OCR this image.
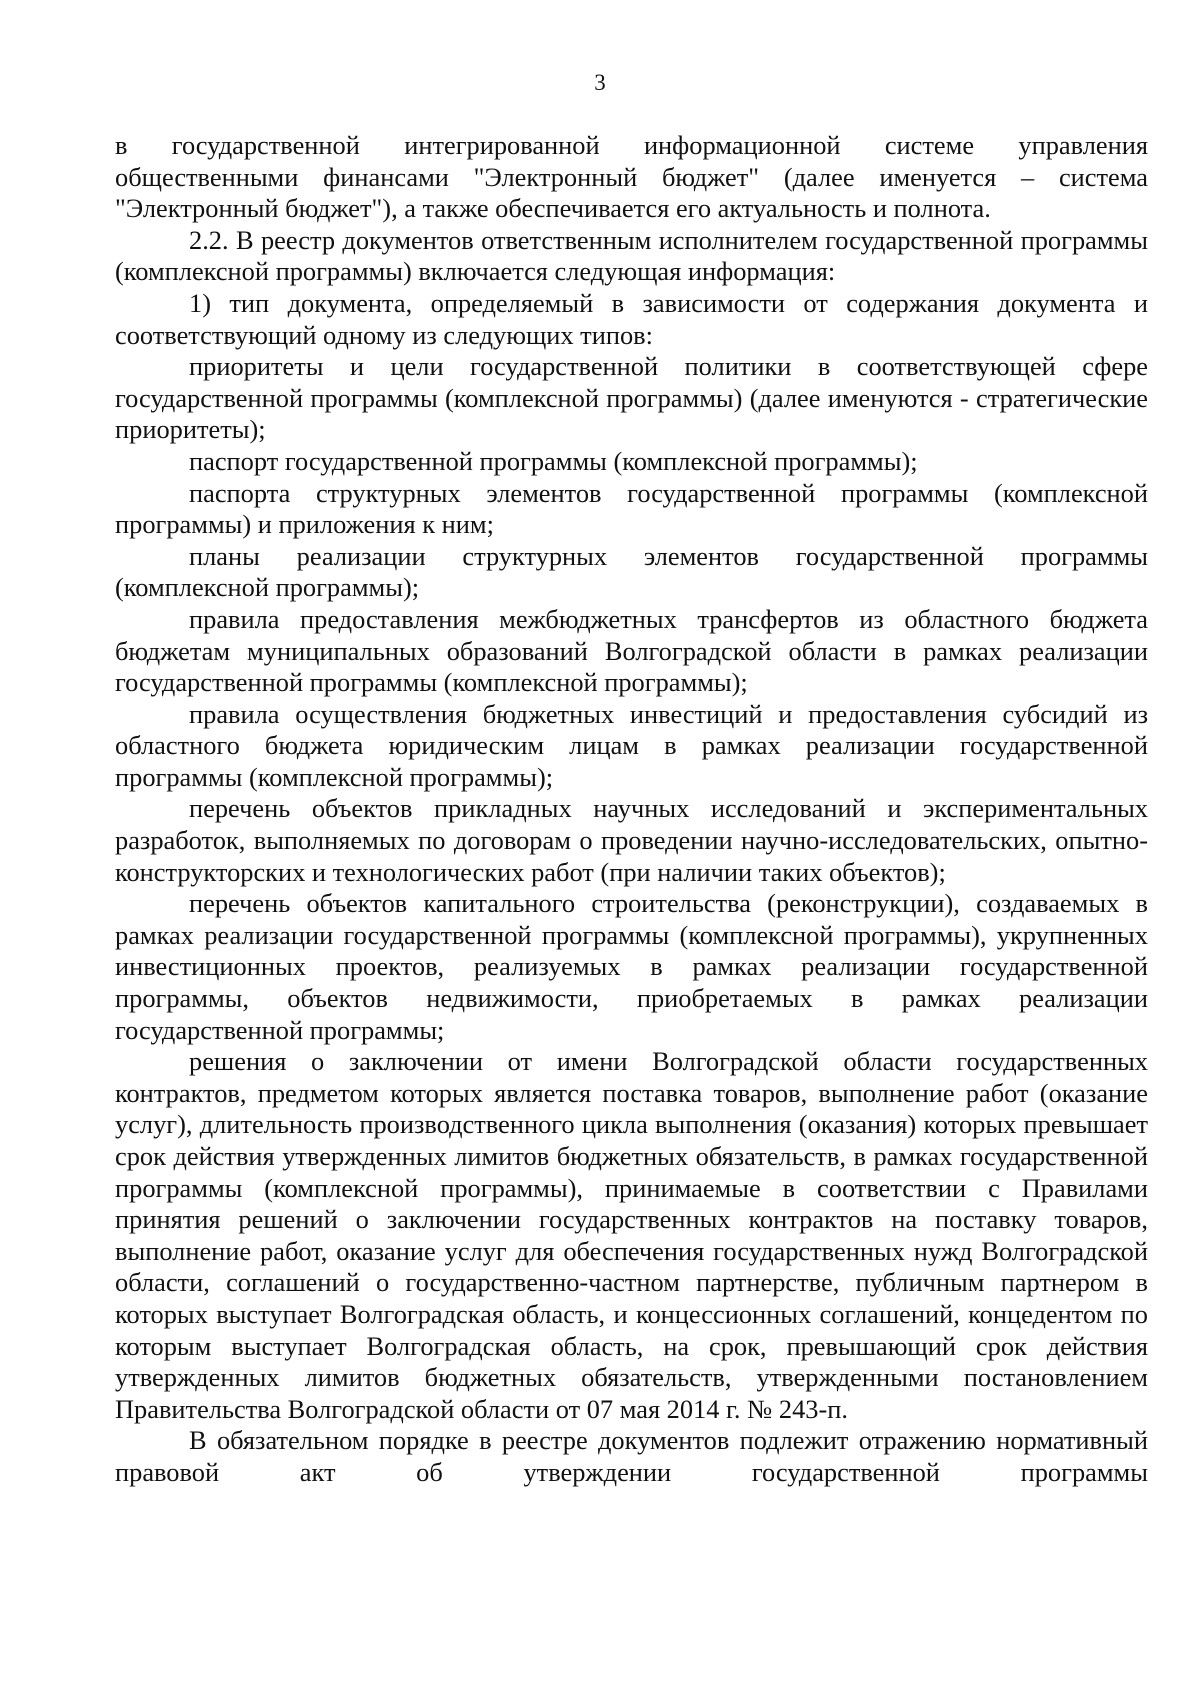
3

в государственной интегрированной информационной системе управления общественными финансами "Электронный бюджет" (далее именуется – система "Электронный бюджет"), а также обеспечивается его актуальность и полнота.

2.2. В реестр документов ответственным исполнителем государственной программы (комплексной программы) включается следующая информация:

1) тип документа, определяемый в зависимости от содержания документа и соответствующий одному из следующих типов:

приоритеты и цели государственной политики в соответствующей сфере государственной программы (комплексной программы) (далее именуются - стратегические приоритеты);

паспорт государственной программы (комплексной программы);

паспорта структурных элементов государственной программы (комплексной программы) и приложения к ним;

планы реализации структурных элементов государственной программы (комплексной программы);

правила предоставления межбюджетных трансфертов из областного бюджета бюджетам муниципальных образований Волгоградской области в рамках реализации государственной программы (комплексной программы);

правила осуществления бюджетных инвестиций и предоставления субсидий из областного бюджета юридическим лицам в рамках реализации государственной программы (комплексной программы);

перечень объектов прикладных научных исследований и экспериментальных разработок, выполняемых по договорам о проведении научно-исследовательских, опытно-конструкторских и технологических работ (при наличии таких объектов);

перечень объектов капитального строительства (реконструкции), создаваемых в рамках реализации государственной программы (комплексной программы), укрупненных инвестиционных проектов, реализуемых в рамках реализации государственной программы, объектов недвижимости, приобретаемых в рамках реализации государственной программы;

решения о заключении от имени Волгоградской области государственных контрактов, предметом которых является поставка товаров, выполнение работ (оказание услуг), длительность производственного цикла выполнения (оказания) которых превышает срок действия утвержденных лимитов бюджетных обязательств, в рамках государственной программы (комплексной программы), принимаемые в соответствии с Правилами принятия решений о заключении государственных контрактов на поставку товаров, выполнение работ, оказание услуг для обеспечения государственных нужд Волгоградской области, соглашений о государственно-частном партнерстве, публичным партнером в которых выступает Волгоградская область, и концессионных соглашений, концедентом по которым выступает Волгоградская область, на срок, превышающий срок действия утвержденных лимитов бюджетных обязательств, утвержденными постановлением Правительства Волгоградской области от 07 мая 2014 г. № 243-п.

В обязательном порядке в реестре документов подлежит отражению нормативный правовой акт об утверждении государственной программы
